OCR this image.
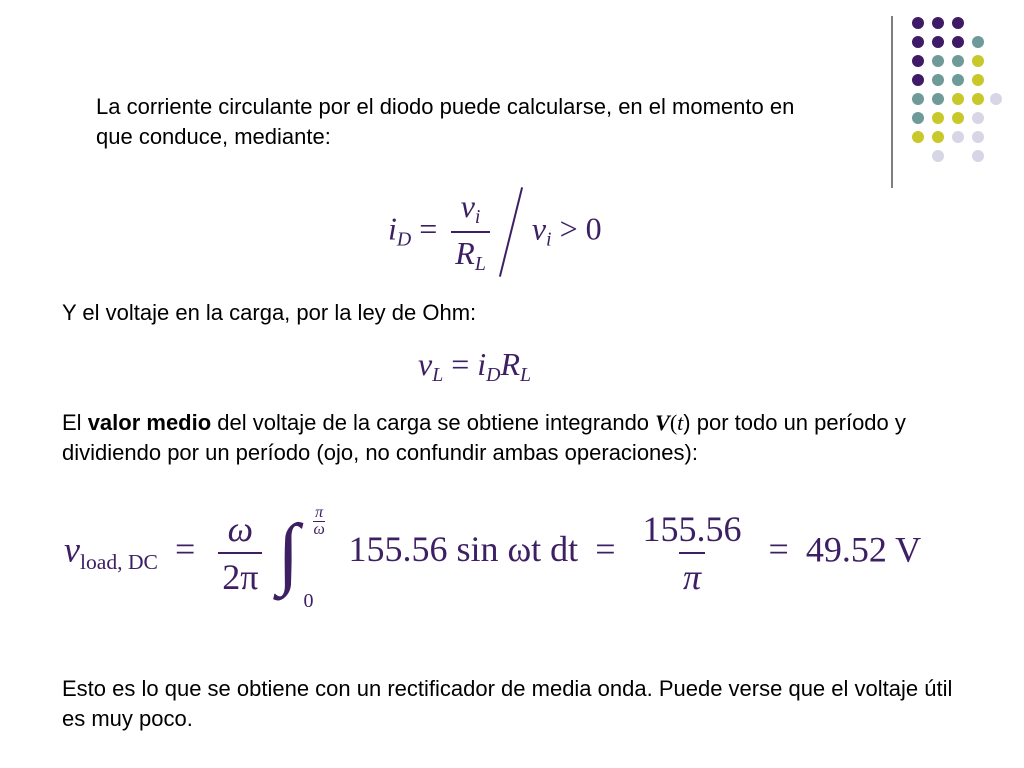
La corriente circulante por el diodo puede calcularse, en el momento en que conduce, mediante:

$i_D = \frac{v_i}{R_L} v_i > 0$

Y el voltaje en la carga, por la ley de Ohm:

$v_L = i_DR_L$

El valor medio del voltaje de la carga se obtiene integrando V(t) por todo un período y dividiendo por un período (ojo, no confundir ambas operaciones):

$v_{load, DC} = \frac{\omega}{2\pi}$ ∫ $\frac{\pi}{\omega}$
0
155.56 sin ωt dt = $\frac{155.56}{\pi} = 49.52$ V

Esto es lo que se obtiene con un rectificador de media onda. Puede verse que el voltaje útil es muy poco.
